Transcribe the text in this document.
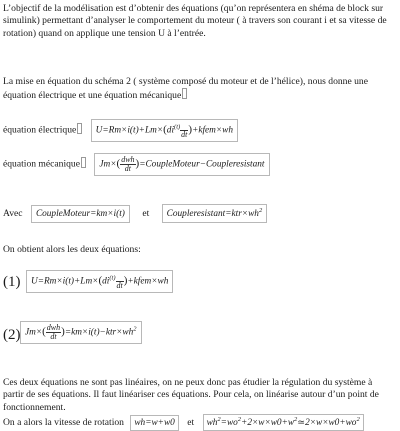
L’objectif de la modélisation est d’obtenir des équations (qu’on représentera en shéma de block sur simulink) permettant d’analyser le comportement du moteur ( à travers son courant i et sa vitesse de rotation) quand on applique une tension U à l’entrée.

La mise en équation du schéma 2 ( système composé du moteur et de l’hélice), nous donne une équation électrique et une équation mécanique

équation électrique $U=Rm\times i(t)+Lm\times(di^{(t)}$

dt )+kfem×wh
équation mécanique $Jm\times( \frac{\text{dwh}}{dt}$ )=CoupleMoteur−Coupleresistant
Avec CoupleMoteur=km×i(t) et $Coupleresistant=ktr\times wh^2$

On obtient alors les deux équations:

(1)	$U=Rm\times i(t)+Lm\times(di^{(t)}$

dt )+kfem×wh
(2) $Jm\times( \frac{\text{dwh}}{dt} )=km\times i(t)-ktr\times wh^2$

Ces deux équations ne sont pas linéaires, on ne peux donc pas étudier la régulation du système à partir de ses équations. Il faut linéariser ces équations. Pour cela, on linéarise autour d’un point de fonctionnement.

On a alors la vitesse de rotation wh=w+w0 et $wh^2=wo^2+2\times w\times w0+w^2≃2\times w\times w0+wo^2$
